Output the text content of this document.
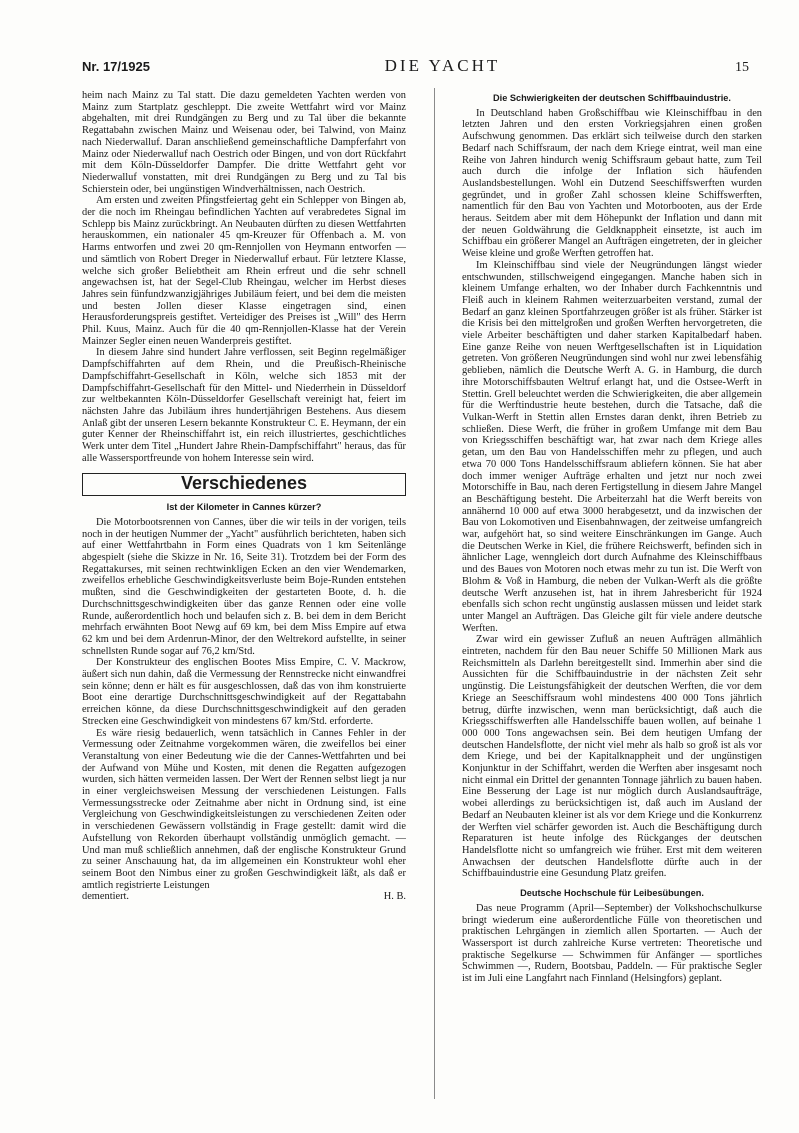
Nr. 17/1925	DIE YACHT	15

heim nach Mainz zu Tal statt. Die dazu gemeldeten Yachten werden von Mainz zum Startplatz geschleppt. Die zweite Wettfahrt wird vor Mainz abgehalten, mit drei Rundgängen zu Berg und zu Tal über die bekannte Regattabahn zwischen Mainz und Weisenau oder, bei Talwind, von Mainz nach Niederwalluf. Daran anschließend gemeinschaftliche Dampferfahrt von Mainz oder Niederwalluf nach Oestrich oder Bingen, und von dort Rückfahrt mit dem Köln-Düsseldorfer Dampfer. Die dritte Wettfahrt geht vor Niederwalluf vonstatten, mit drei Rundgängen zu Berg und zu Tal bis Schierstein oder, bei ungünstigen Windverhältnissen, nach Oestrich.

Am ersten und zweiten Pfingstfeiertag geht ein Schlepper von Bingen ab, der die noch im Rheingau befindlichen Yachten auf verabredetes Signal im Schlepp bis Mainz zurückbringt. An Neubauten dürften zu diesen Wettfahrten herauskommen, ein nationaler 45 qm-Kreuzer für Offenbach a. M. von Harms entworfen und zwei 20 qm-Rennjollen von Heymann entworfen — und sämtlich von Robert Dreger in Niederwalluf erbaut. Für letztere Klasse, welche sich großer Beliebtheit am Rhein erfreut und die sehr schnell angewachsen ist, hat der Segel-Club Rheingau, welcher im Herbst dieses Jahres sein fünfundzwanzigjähriges Jubiläum feiert, und bei dem die meisten und besten Jollen dieser Klasse eingetragen sind, einen Herausforderungspreis gestiftet. Verteidiger des Preises ist „Will" des Herrn Phil. Kuus, Mainz. Auch für die 40 qm-Rennjollen-Klasse hat der Verein Mainzer Segler einen neuen Wanderpreis gestiftet.

In diesem Jahre sind hundert Jahre verflossen, seit Beginn regelmäßiger Dampfschiffahrten auf dem Rhein, und die Preußisch-Rheinische Dampfschiffahrt-Gesellschaft in Köln, welche sich 1853 mit der Dampfschiffahrt-Gesellschaft für den Mittel- und Niederrhein in Düsseldorf zur weltbekannten Köln-Düsseldorfer Gesellschaft vereinigt hat, feiert im nächsten Jahre das Jubiläum ihres hundertjährigen Bestehens. Aus diesem Anlaß gibt der unseren Lesern bekannte Konstrukteur C. E. Heymann, der ein guter Kenner der Rheinschiffahrt ist, ein reich illustriertes, geschichtliches Werk unter dem Titel „Hundert Jahre Rhein-Dampfschiffahrt" heraus, das für alle Wassersportfreunde von hohem Interesse sein wird.

Verschiedenes
Ist der Kilometer in Cannes kürzer?

Die Motorbootsrennen von Cannes, über die wir teils in der vorigen, teils noch in der heutigen Nummer der „Yacht" ausführlich berichteten, haben sich auf einer Wettfahrtbahn in Form eines Quadrats von 1 km Seitenlänge abgespielt (siehe die Skizze in Nr. 16, Seite 31). Trotzdem bei der Form des Regattakurses, mit seinen rechtwinkligen Ecken an den vier Wendemarken, zweifellos erhebliche Geschwindigkeitsverluste beim Boje-Runden entstehen mußten, sind die Geschwindigkeiten der gestarteten Boote, d. h. die Durchschnittsgeschwindigkeiten über das ganze Rennen oder eine volle Runde, außerordentlich hoch und belaufen sich z. B. bei dem in dem Bericht mehrfach erwähnten Boot Newg auf 69 km, bei dem Miss Empire auf etwa 62 km und bei dem Ardenrun-Minor, der den Weltrekord aufstellte, in seiner schnellsten Runde sogar auf 76,2 km/Std.

Der Konstrukteur des englischen Bootes Miss Empire, C. V. Mackrow, äußert sich nun dahin, daß die Vermessung der Rennstrecke nicht einwandfrei sein könne; denn er hält es für ausgeschlossen, daß das von ihm konstruierte Boot eine derartige Durchschnittsgeschwindigkeit auf der Regattabahn erreichen könne, da diese Durchschnittsgeschwindigkeit auf den geraden Strecken eine Geschwindigkeit von mindestens 67 km/Std. erforderte.

Es wäre riesig bedauerlich, wenn tatsächlich in Cannes Fehler in der Vermessung oder Zeitnahme vorgekommen wären, die zweifellos bei einer Veranstaltung von einer Bedeutung wie die der Cannes-Wettfahrten und bei der Aufwand von Mühe und Kosten, mit denen die Regatten aufgezogen wurden, sich hätten vermeiden lassen. Der Wert der Rennen selbst liegt ja nur in einer vergleichsweisen Messung der verschiedenen Leistungen. Falls Vermessungsstrecke oder Zeitnahme aber nicht in Ordnung sind, ist eine Vergleichung von Geschwindigkeitsleistungen zu verschiedenen Zeiten oder in verschiedenen Gewässern vollständig in Frage gestellt: damit wird die Aufstellung von Rekorden überhaupt vollständig unmöglich gemacht. — Und man muß schließlich annehmen, daß der englische Konstrukteur Grund zu seiner Anschauung hat, da im allgemeinen ein Konstrukteur wohl eher seinem Boot den Nimbus einer zu großen Geschwindigkeit läßt, als daß er amtlich registrierte Leistungen

dementiert.	H. B.

Die Schwierigkeiten der deutschen Schiffbauindustrie.

In Deutschland haben Großschiffbau wie Kleinschiffbau in den letzten Jahren und den ersten Vorkriegsjahren einen großen Aufschwung genommen. Das erklärt sich teilweise durch den starken Bedarf nach Schiffsraum, der nach dem Kriege eintrat, weil man eine Reihe von Jahren hindurch wenig Schiffsraum gebaut hatte, zum Teil auch durch die infolge der Inflation sich häufenden Auslandsbestellungen. Wohl ein Dutzend Seeschiffswerften wurden gegründet, und in großer Zahl schossen kleine Schiffswerften, namentlich für den Bau von Yachten und Motorbooten, aus der Erde heraus. Seitdem aber mit dem Höhepunkt der Inflation und dann mit der neuen Goldwährung die Geldknappheit einsetzte, ist auch im Schiffbau ein größerer Mangel an Aufträgen eingetreten, der in gleicher Weise kleine und große Werften getroffen hat.

Im Kleinschiffbau sind viele der Neugründungen längst wieder entschwunden, stillschweigend eingegangen. Manche haben sich in kleinem Umfange erhalten, wo der Inhaber durch Fachkenntnis und Fleiß auch in kleinem Rahmen weiterzuarbeiten verstand, zumal der Bedarf an ganz kleinen Sportfahrzeugen größer ist als früher. Stärker ist die Krisis bei den mittelgroßen und großen Werften hervorgetreten, die viele Arbeiter beschäftigten und daher starken Kapitalbedarf haben. Eine ganze Reihe von neuen Werftgesellschaften ist in Liquidation getreten. Von größeren Neugründungen sind wohl nur zwei lebensfähig geblieben, nämlich die Deutsche Werft A. G. in Hamburg, die durch ihre Motorschiffsbauten Weltruf erlangt hat, und die Ostsee-Werft in Stettin. Grell beleuchtet werden die Schwierigkeiten, die aber allgemein für die Werftindustrie heute bestehen, durch die Tatsache, daß die Vulkan-Werft in Stettin allen Ernstes daran denkt, ihren Betrieb zu schließen. Diese Werft, die früher in großem Umfange mit dem Bau von Kriegsschiffen beschäftigt war, hat zwar nach dem Kriege alles getan, um den Bau von Handelsschiffen mehr zu pflegen, und auch etwa 70 000 Tons Handelsschiffsraum abliefern können. Sie hat aber doch immer weniger Aufträge erhalten und jetzt nur noch zwei Motorschiffe in Bau, nach deren Fertigstellung in diesem Jahre Mangel an Beschäftigung besteht. Die Arbeiterzahl hat die Werft bereits von annähernd 10 000 auf etwa 3000 herabgesetzt, und da inzwischen der Bau von Lokomotiven und Eisenbahnwagen, der zeitweise umfangreich war, aufgehört hat, so sind weitere Einschränkungen im Gange. Auch die Deutschen Werke in Kiel, die frühere Reichswerft, befinden sich in ähnlicher Lage, wenngleich dort durch Aufnahme des Kleinschiffbaus und des Baues von Motoren noch etwas mehr zu tun ist. Die Werft von Blohm & Voß in Hamburg, die neben der Vulkan-Werft als die größte deutsche Werft anzusehen ist, hat in ihrem Jahresbericht für 1924 ebenfalls sich schon recht ungünstig auslassen müssen und leidet stark unter Mangel an Aufträgen. Das Gleiche gilt für viele andere deutsche Werften.

Zwar wird ein gewisser Zufluß an neuen Aufträgen allmählich eintreten, nachdem für den Bau neuer Schiffe 50 Millionen Mark aus Reichsmitteln als Darlehn bereitgestellt sind. Immerhin aber sind die Aussichten für die Schiffbauindustrie in der nächsten Zeit sehr ungünstig. Die Leistungsfähigkeit der deutschen Werften, die vor dem Kriege an Seeschiffsraum wohl mindestens 400 000 Tons jährlich betrug, dürfte inzwischen, wenn man berücksichtigt, daß auch die Kriegsschiffswerften alle Handelsschiffe bauen wollen, auf beinahe 1 000 000 Tons angewachsen sein. Bei dem heutigen Umfang der deutschen Handelsflotte, der nicht viel mehr als halb so groß ist als vor dem Kriege, und bei der Kapitalknappheit und der ungünstigen Konjunktur in der Schiffahrt, werden die Werften aber insgesamt noch nicht einmal ein Drittel der genannten Tonnage jährlich zu bauen haben. Eine Besserung der Lage ist nur möglich durch Auslandsaufträge, wobei allerdings zu berücksichtigen ist, daß auch im Ausland der Bedarf an Neubauten kleiner ist als vor dem Kriege und die Konkurrenz der Werften viel schärfer geworden ist. Auch die Beschäftigung durch Reparaturen ist heute infolge des Rückganges der deutschen Handelsflotte nicht so umfangreich wie früher. Erst mit dem weiteren Anwachsen der deutschen Handelsflotte dürfte auch in der Schiffbauindustrie eine Gesundung Platz greifen.

Deutsche Hochschule für Leibesübungen.

Das neue Programm (April—September) der Volkshochschulkurse bringt wiederum eine außerordentliche Fülle von theoretischen und praktischen Lehrgängen in ziemlich allen Sportarten. — Auch der Wassersport ist durch zahlreiche Kurse vertreten: Theoretische und praktische Segelkurse — Schwimmen für Anfänger — sportliches Schwimmen —, Rudern, Bootsbau, Paddeln. — Für praktische Segler ist im Juli eine Langfahrt nach Finnland (Helsingfors) geplant.
